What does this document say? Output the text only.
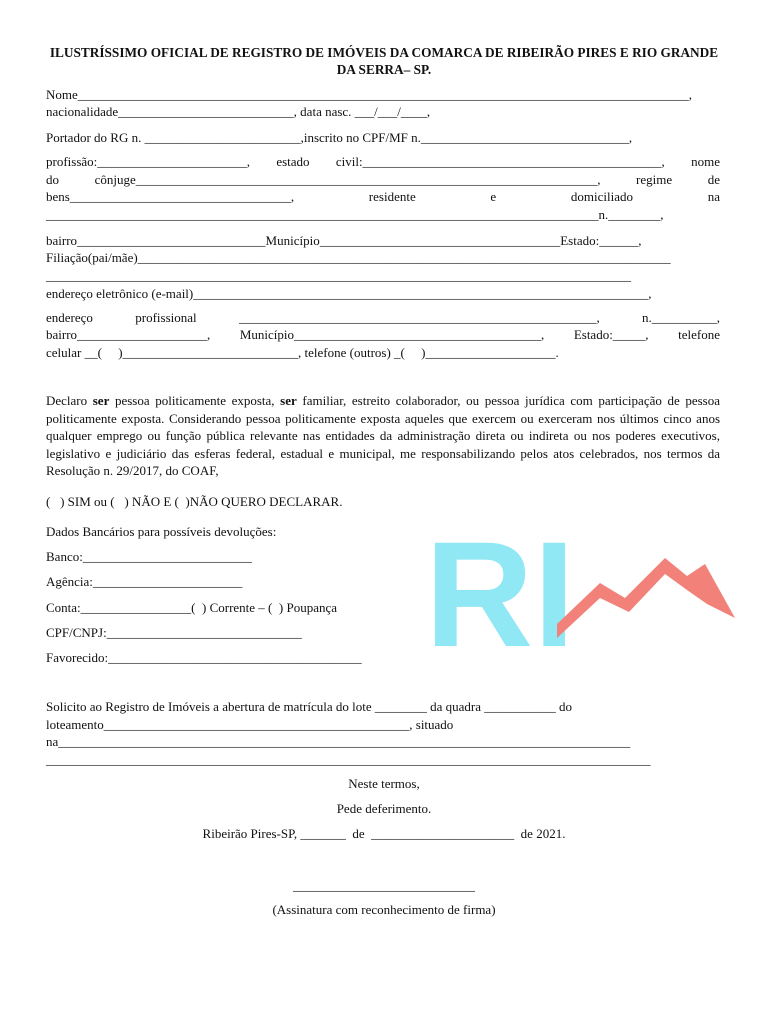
ILUSTRÍSSIMO OFICIAL DE REGISTRO DE IMÓVEIS DA COMARCA DE RIBEIRÃO PIRES E RIO GRANDE DA SERRA– SP.
Nome______________________________________________________________________________________________,
nacionalidade___________________________, data nasc. ___/___/____,
Portador do RG n. ________________________,inscrito no CPF/MF n.________________________________,
profissão:_______________________, estado civil:______________________________________________, nome
do	cônjuge_______________________________________________________________________,	regime	de
bens__________________________________,	residente	e	domiciliado	na
_____________________________________________________________________________________n.________,
bairro_____________________________Município_____________________________________Estado:______,
Filiação(pai/mãe)__________________________________________________________________________________
__________________________________________________________________________________________
endereço eletrônico (e-mail)______________________________________________________________________,
endereço	profissional	_______________________________________________________,	n.__________,
bairro____________________, Município______________________________________, Estado:_____, telefone
celular __(     )___________________________, telefone (outros) _(     )____________________.
Declaro ser pessoa politicamente exposta, ser familiar, estreito colaborador, ou pessoa jurídica com participação de pessoa politicamente exposta. Considerando pessoa politicamente exposta aqueles que exercem ou exerceram nos últimos cinco anos qualquer emprego ou função pública relevante nas entidades da administração direta ou indireta ou nos poderes executivos, legislativo e judiciário das esferas federal, estadual e municipal, me responsabilizando pelos atos celebrados, nos termos da Resolução n. 29/2017, do COAF,
(   ) SIM ou (   ) NÃO E (  )NÃO QUERO DECLARAR.
Dados Bancários para possíveis devoluções:
Banco:__________________________
Agência:_______________________
Conta:_________________(  ) Corrente – (  ) Poupança
CPF/CNPJ:______________________________
Favorecido:_______________________________________ RI
Solicito ao Registro de Imóveis a abertura de matrícula do lote ________ da quadra ___________ do
loteamento_______________________________________________, situado
na________________________________________________________________________________________
_____________________________________________________________________________________________
Neste termos,
Pede deferimento.
Ribeirão Pires-SP, _______  de  ______________________  de 2021.
____________________________
(Assinatura com reconhecimento de firma)
